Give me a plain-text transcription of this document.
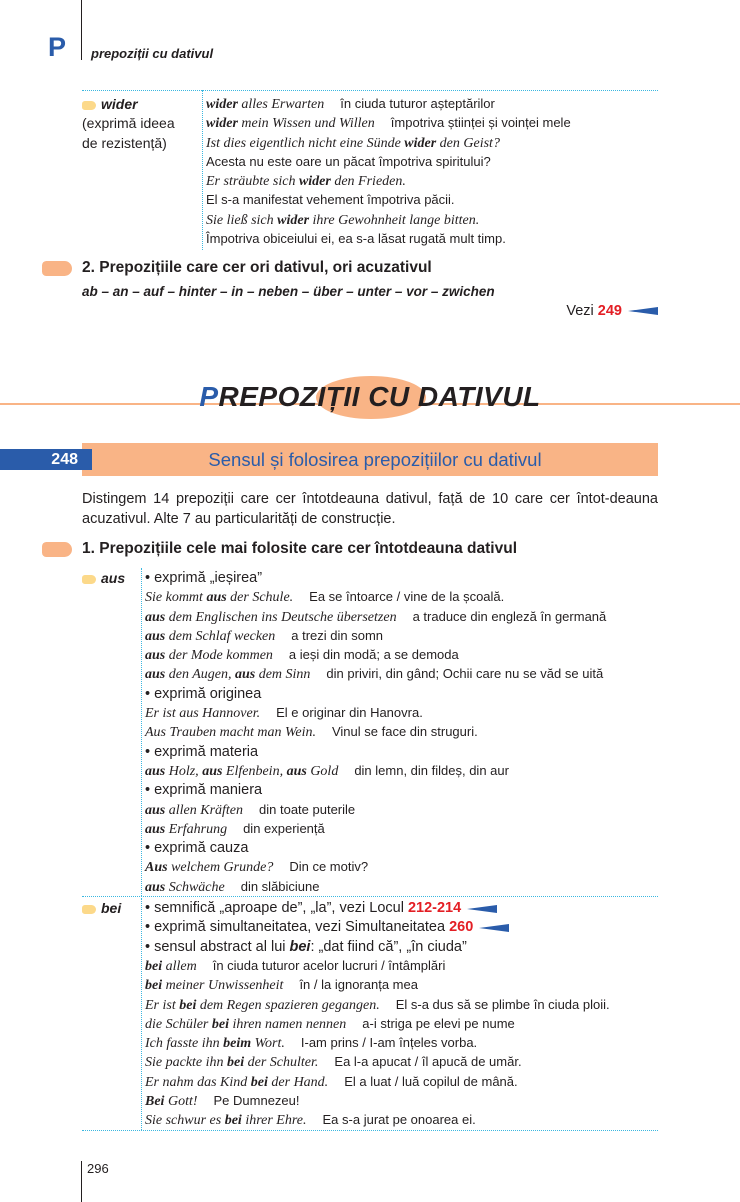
P prepoziții cu dativul
wider
(exprimă ideea
de rezistență)
wider alles Erwarten în ciuda tuturor așteptărilor
wider mein Wissen und Willen împotriva științei și voinței mele
Ist dies eigentlich nicht eine Sünde wider den Geist?
Acesta nu este oare un păcat împotriva spiritului?
Er sträubte sich wider den Frieden.
El s-a manifestat vehement împotriva păcii.
Sie ließ sich wider ihre Gewohnheit lange bitten.
Împotriva obiceiului ei, ea s-a lăsat rugată mult timp.
2. Prepozițiile care cer ori dativul, ori acuzativul
ab – an – auf – hinter – in – neben – über – unter – vor – zwichen
Vezi 249
PREPOZIȚII CU DATIVUL
Sensul și folosirea prepozițiilor cu dativul
248
Distingem 14 prepoziții care cer întotdeauna dativul, față de 10 care cer întot-deauna acuzativul. Alte 7 au particularități de construcție.
1. Prepozițiile cele mai folosite care cer întotdeauna dativul
aus • exprimă „ieșirea”
Sie kommt aus der Schule. Ea se întoarce / vine de la școală.
aus dem Englischen ins Deutsche übersetzen a traduce din engleză în germană
aus dem Schlaf wecken a trezi din somn
aus der Mode kommen a ieși din modă; a se demoda
aus den Augen, aus dem Sinn din priviri, din gând; Ochii care nu se văd se uită
• exprimă originea
Er ist aus Hannover. El e originar din Hanovra.
Aus Trauben macht man Wein. Vinul se face din struguri.
• exprimă materia
aus Holz, aus Elfenbein, aus Gold din lemn, din fildeș, din aur
• exprimă maniera
aus allen Kräften din toate puterile
aus Erfahrung din experiență
• exprimă cauza
Aus welchem Grunde? Din ce motiv?
aus Schwäche din slăbiciune
bei • semnifică „aproape de”, „la”, vezi Locul 212-214
• exprimă simultaneitatea, vezi Simultaneitatea 260
• sensul abstract al lui bei: „dat fiind că”, „în ciuda”
bei allem în ciuda tuturor acelor lucruri / întâmplări
bei meiner Unwissenheit în / la ignoranța mea
Er ist bei dem Regen spazieren gegangen. El s-a dus să se plimbe în ciuda ploii.
die Schüler bei ihren namen nennen a-i striga pe elevi pe nume
Ich fasste ihn beim Wort. I-am prins / I-am înțeles vorba.
Sie packte ihn bei der Schulter. Ea l-a apucat / îl apucă de umăr.
Er nahm das Kind bei der Hand. El a luat / luă copilul de mână.
Bei Gott! Pe Dumnezeu!
Sie schwur es bei ihrer Ehre. Ea s-a jurat pe onoarea ei.
296
